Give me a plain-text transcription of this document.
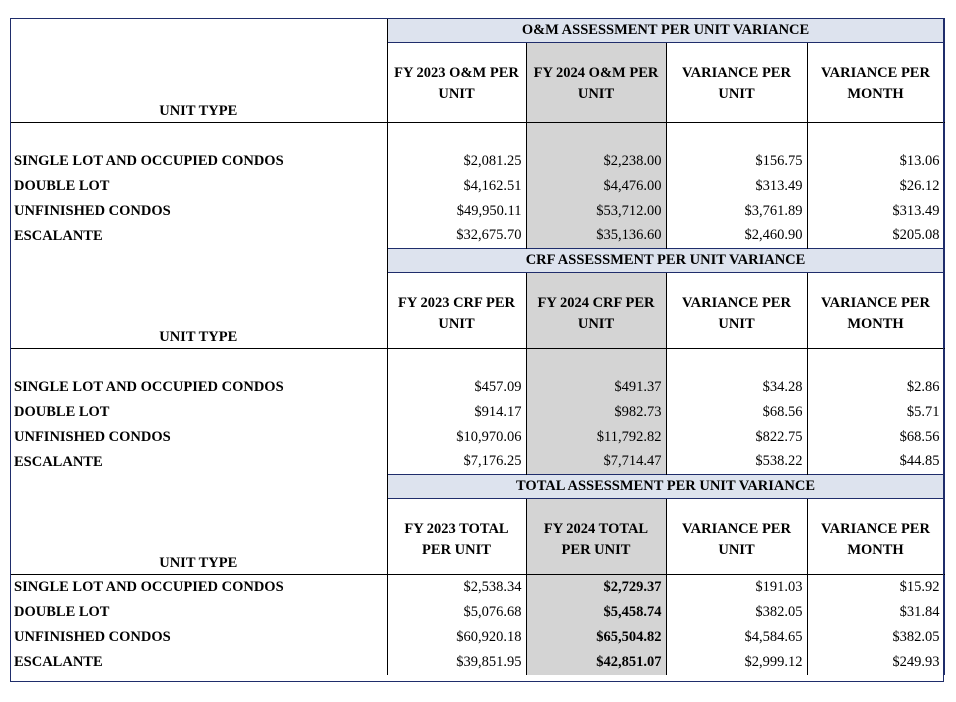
	O&M ASSESSMENT PER UNIT VARIANCE			
UNIT TYPE	FY 2023 O&M PER UNIT	FY 2024 O&M PER UNIT	VARIANCE PER UNIT	VARIANCE PER MONTH

SINGLE LOT AND OCCUPIED CONDOS	$2,081.25	$2,238.00	$156.75	$13.06
DOUBLE LOT	$4,162.51	$4,476.00	$313.49	$26.12
UNFINISHED CONDOS	$49,950.11	$53,712.00	$3,761.89	$313.49
ESCALANTE	$32,675.70	$35,136.60	$2,460.90	$205.08
	CRF ASSESSMENT PER UNIT VARIANCE			
UNIT TYPE	FY 2023 CRF PER UNIT	FY 2024 CRF PER UNIT	VARIANCE PER UNIT	VARIANCE PER MONTH

SINGLE LOT AND OCCUPIED CONDOS	$457.09	$491.37	$34.28	$2.86
DOUBLE LOT	$914.17	$982.73	$68.56	$5.71
UNFINISHED CONDOS	$10,970.06	$11,792.82	$822.75	$68.56
ESCALANTE	$7,176.25	$7,714.47	$538.22	$44.85
	TOTAL ASSESSMENT PER UNIT VARIANCE			
UNIT TYPE	FY 2023 TOTAL PER UNIT	FY 2024 TOTAL PER UNIT	VARIANCE PER UNIT	VARIANCE PER MONTH
SINGLE LOT AND OCCUPIED CONDOS	$2,538.34	$2,729.37	$191.03	$15.92
DOUBLE LOT	$5,076.68	$5,458.74	$382.05	$31.84
UNFINISHED CONDOS	$60,920.18	$65,504.82	$4,584.65	$382.05
ESCALANTE	$39,851.95	$42,851.07	$2,999.12	$249.93
